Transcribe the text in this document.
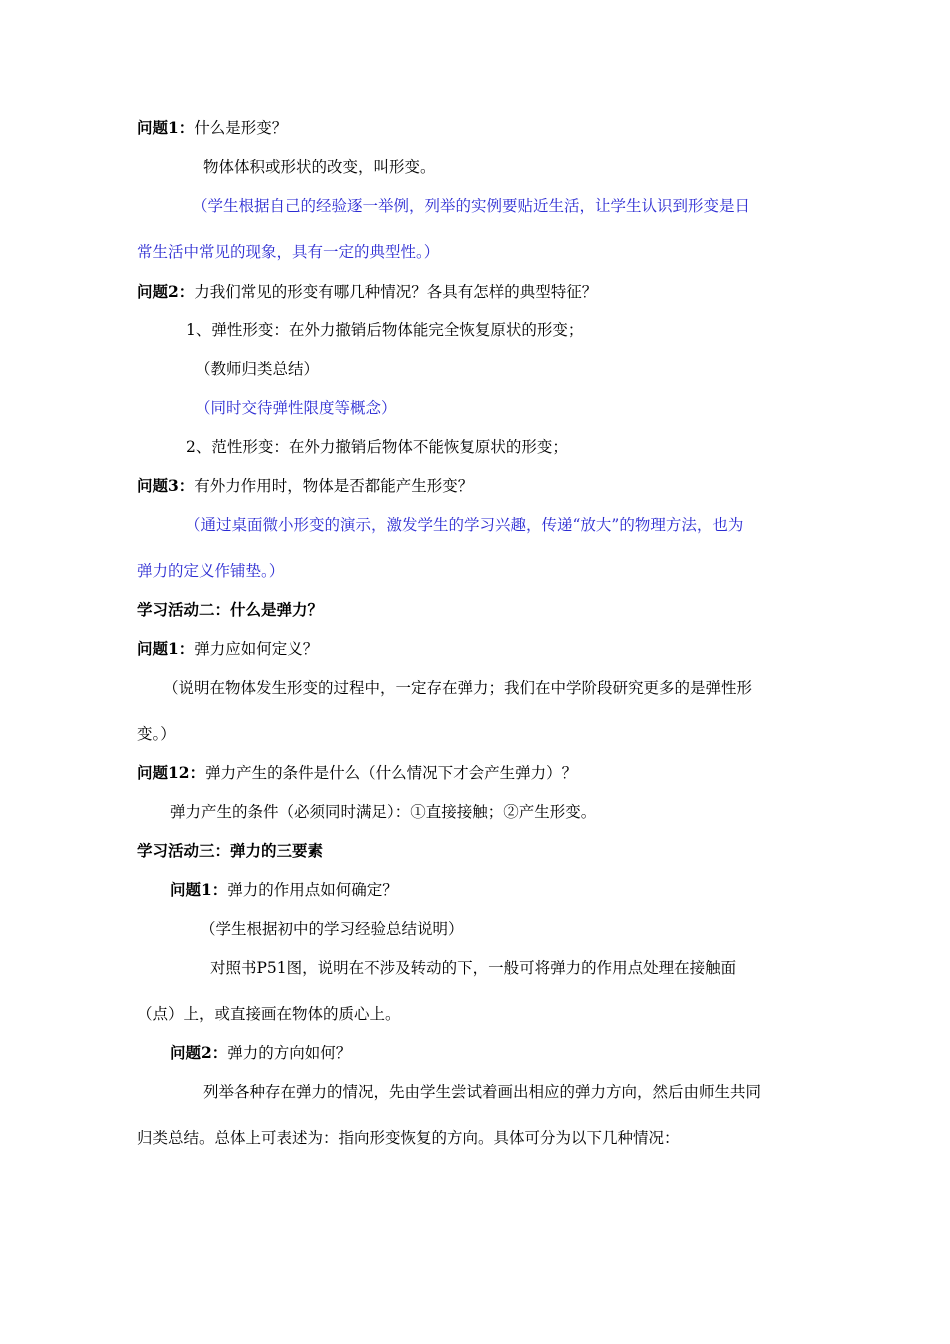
问题1：什么是形变？
物体体积或形状的改变，叫形变。
（学生根据自己的经验逐一举例，列举的实例要贴近生活，让学生认识到形变是日
常生活中常见的现象，具有一定的典型性。）
问题2：力我们常见的形变有哪几种情况？各具有怎样的典型特征？
1、弹性形变：在外力撤销后物体能完全恢复原状的形变；
（教师归类总结）
（同时交待弹性限度等概念）
2、范性形变：在外力撤销后物体不能恢复原状的形变；
问题3：有外力作用时，物体是否都能产生形变？
（通过桌面微小形变的演示，激发学生的学习兴趣，传递“放大”的物理方法，也为
弹力的定义作铺垫。）
学习活动二：什么是弹力？
问题1：弹力应如何定义？
（说明在物体发生形变的过程中，一定存在弹力；我们在中学阶段研究更多的是弹性形
变。）
问题12：弹力产生的条件是什么（什么情况下才会产生弹力）？
弹力产生的条件（必须同时满足）：①直接接触；②产生形变。
学习活动三：弹力的三要素
问题1：弹力的作用点如何确定？
（学生根据初中的学习经验总结说明）
对照书P51图，说明在不涉及转动的下，一般可将弹力的作用点处理在接触面
（点）上，或直接画在物体的质心上。
问题2：弹力的方向如何？
列举各种存在弹力的情况，先由学生尝试着画出相应的弹力方向，然后由师生共同
归类总结。总体上可表述为：指向形变恢复的方向。具体可分为以下几种情况：
